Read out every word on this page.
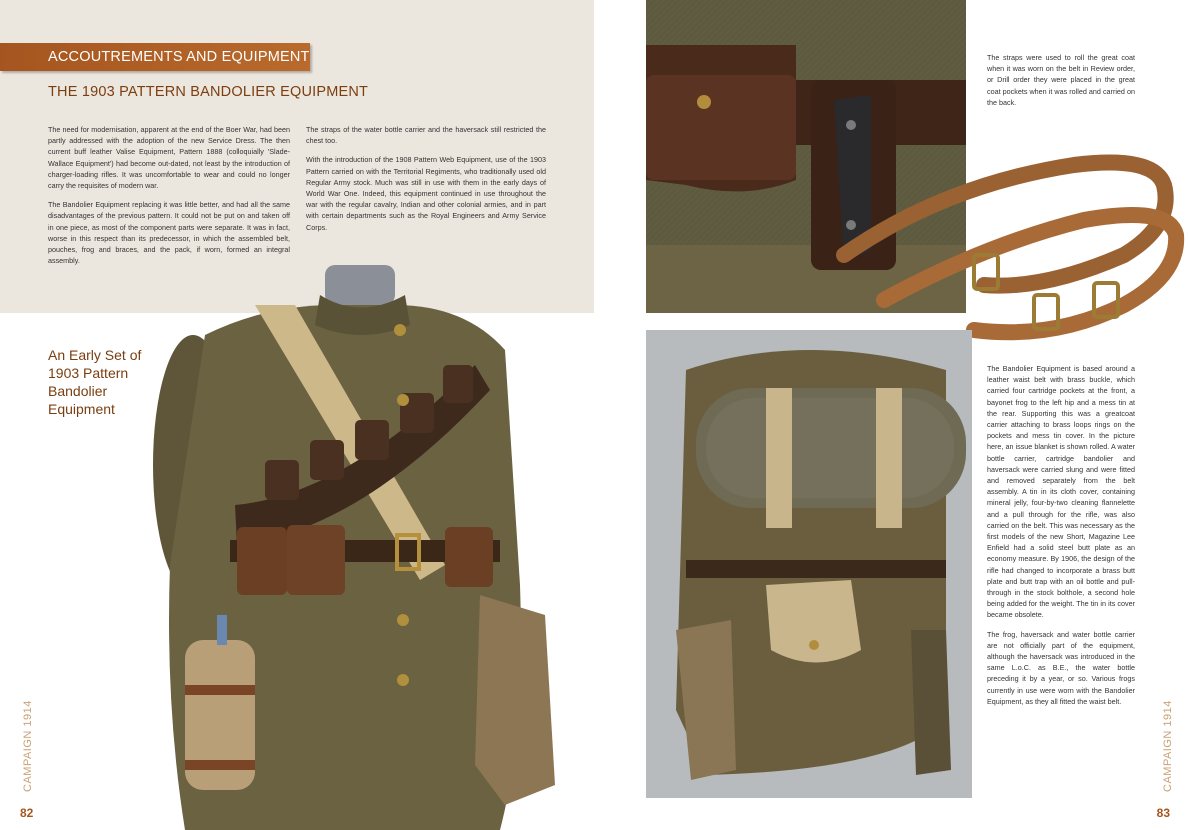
ACCOUTREMENTS AND EQUIPMENT
THE 1903 PATTERN BANDOLIER EQUIPMENT

The need for modernisation, apparent at the end of the Boer War, had been partly addressed with the adoption of the new Service Dress. The then current buff leather Valise Equipment, Pattern 1888 (colloquially 'Slade-Wallace Equipment') had become out-dated, not least by the introduction of charger-loading rifles. It was uncomfortable to wear and could no longer carry the requisites of modern war.

The Bandolier Equipment replacing it was little better, and had all the same disadvantages of the previous pattern. It could not be put on and taken off in one piece, as most of the component parts were separate. It was in fact, worse in this respect than its predecessor, in which the assembled belt, pouches, frog and braces, and the pack, if worn, formed an integral assembly.

The straps of the water bottle carrier and the haversack still restricted the chest too.

With the introduction of the 1908 Pattern Web Equipment, use of the 1903 Pattern carried on with the Territorial Regiments, who traditionally used old Regular Army stock. Much was still in use with them in the early days of World War One. Indeed, this equipment continued in use throughout the war with the regular cavalry, Indian and other colonial armies, and in part with certain departments such as the Royal Engineers and Army Service Corps.

An Early Set of 1903 Pattern Bandolier Equipment
CAMPAIGN 1914
82

The straps were used to roll the great coat when it was worn on the belt in Review order, or Drill order they were placed in the great coat pockets when it was rolled and carried on the back.

The Bandolier Equipment is based around a leather waist belt with brass buckle, which carried four cartridge pockets at the front, a bayonet frog to the left hip and a mess tin at the rear. Supporting this was a greatcoat carrier attaching to brass loops rings on the pockets and mess tin cover. In the picture here, an issue blanket is shown rolled. A water bottle carrier, cartridge bandolier and haversack were carried slung and were fitted and removed separately from the belt assembly. A tin in its cloth cover, containing mineral jelly, four-by-two cleaning flannelette and a pull through for the rifle, was also carried on the belt. This was necessary as the first models of the new Short, Magazine Lee Enfield had a solid steel butt plate as an economy measure. By 1906, the design of the rifle had changed to incorporate a brass butt plate and butt trap with an oil bottle and pull-through in the stock bolthole, a second hole being added for the weight. The tin in its cover became obsolete.

The frog, haversack and water bottle carrier are not officially part of the equipment, although the haversack was introduced in the same L.o.C. as B.E., the water bottle preceding it by a year, or so. Various frogs currently in use were worn with the Bandolier Equipment, as they all fitted the waist belt.	CAMPAIGN 1914
83
